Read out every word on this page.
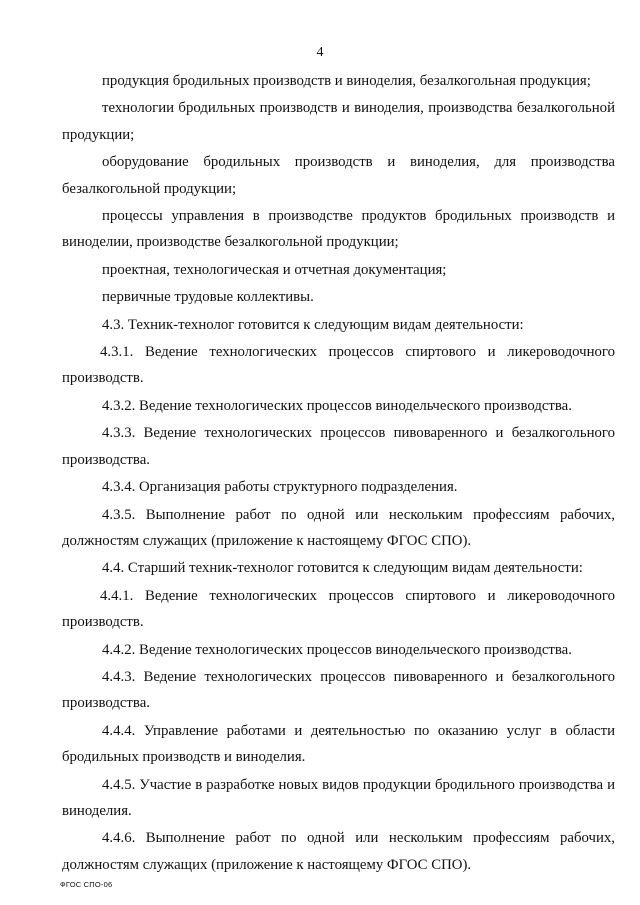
4

продукция бродильных производств и виноделия, безалкогольная продукция;

технологии бродильных производств и виноделия, производства безалкогольной продукции;

оборудование бродильных производств и виноделия, для производства безалкогольной продукции;

процессы управления в производстве продуктов бродильных производств и виноделии, производстве безалкогольной продукции;

проектная, технологическая и отчетная документация;

первичные трудовые коллективы.

4.3. Техник-технолог готовится к следующим видам деятельности:

4.3.1. Ведение технологических процессов спиртового и ликероводочного производств.

4.3.2. Ведение технологических процессов винодельческого производства.

4.3.3. Ведение технологических процессов пивоваренного и безалкогольного производства.

4.3.4. Организация работы структурного подразделения.

4.3.5. Выполнение работ по одной или нескольким профессиям рабочих, должностям служащих (приложение к настоящему ФГОС СПО).

4.4. Старший техник-технолог готовится к следующим видам деятельности:

4.4.1. Ведение технологических процессов спиртового и ликероводочного производств.

4.4.2. Ведение технологических процессов винодельческого производства.

4.4.3. Ведение технологических процессов пивоваренного и безалкогольного производства.

4.4.4. Управление работами и деятельностью по оказанию услуг в области бродильных производств и виноделия.

4.4.5. Участие в разработке новых видов продукции бродильного производства и виноделия.

4.4.6. Выполнение работ по одной или нескольким профессиям рабочих, должностям служащих (приложение к настоящему ФГОС СПО).

ФГОС СПО-06
